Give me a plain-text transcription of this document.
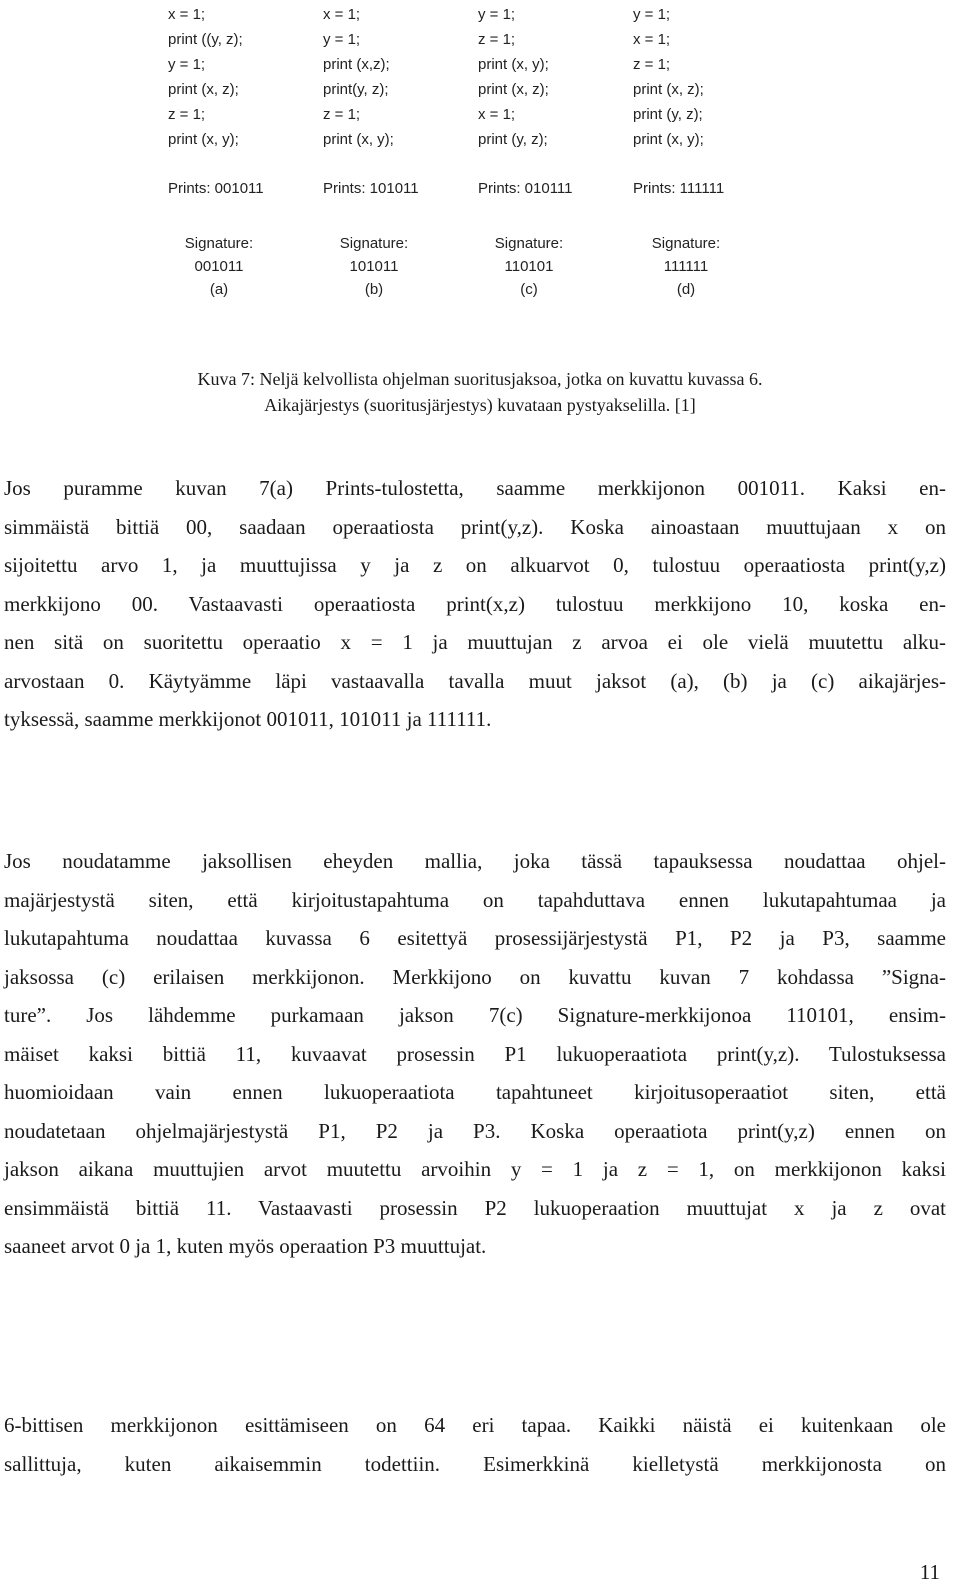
x = 1;
print ((y, z);
y = 1;
print (x, z);
z = 1;
print (x, y);
Prints: 001011
Signature:
001011
(a)
x = 1;
y = 1;
print (x,z);
print(y, z);
z = 1;
print (x, y);
Prints: 101011
Signature:
101011
(b)
y = 1;
z = 1;
print (x, y);
print (x, z);
x = 1;
print (y, z);
Prints: 010111
Signature:
110101
(c)
y = 1;
x = 1;
z = 1;
print (x, z);
print (y, z);
print (x, y);
Prints: 111111
Signature:
111111
(d)
Kuva 7: Neljä kelvollista ohjelman suoritusjaksoa, jotka on kuvattu kuvassa 6.
Aikajärjestys (suoritusjärjestys) kuvataan pystyakselilla. [1]
Jos puramme kuvan 7(a) Prints-tulostetta, saamme merkkijonon 001011. Kaksi en-
simmäistä bittiä 00, saadaan operaatiosta print(y,z). Koska ainoastaan muuttujaan x on
sijoitettu arvo 1, ja muuttujissa y ja z on alkuarvot 0, tulostuu operaatiosta print(y,z)
merkkijono 00. Vastaavasti operaatiosta print(x,z) tulostuu merkkijono 10, koska en-
nen sitä on suoritettu operaatio x = 1 ja muuttujan z arvoa ei ole vielä muutettu alku-
arvostaan 0. Käytyämme läpi vastaavalla tavalla muut jaksot (a), (b) ja (c) aikajärjes-
tyksessä, saamme merkkijonot 001011, 101011 ja 111111.
Jos noudatamme jaksollisen eheyden mallia, joka tässä tapauksessa noudattaa ohjel-
majärjestystä siten, että kirjoitustapahtuma on tapahduttava ennen lukutapahtumaa ja
lukutapahtuma noudattaa kuvassa 6 esitettyä prosessijärjestystä P1, P2 ja P3, saamme
jaksossa (c) erilaisen merkkijonon. Merkkijono on kuvattu kuvan 7 kohdassa ”Signa-
ture”. Jos lähdemme purkamaan jakson 7(c) Signature-merkkijonoa 110101, ensim-
mäiset kaksi bittiä 11, kuvaavat prosessin P1 lukuoperaatiota print(y,z). Tulostuksessa
huomioidaan vain ennen lukuoperaatiota tapahtuneet kirjoitusoperaatiot siten, että
noudatetaan ohjelmajärjestystä P1, P2 ja P3. Koska operaatiota print(y,z) ennen on
jakson aikana muuttujien arvot muutettu arvoihin y = 1 ja z = 1, on merkkijonon kaksi
ensimmäistä bittiä 11. Vastaavasti prosessin P2 lukuoperaation muuttujat x ja z ovat
saaneet arvot 0 ja 1, kuten myös operaation P3 muuttujat.
6-bittisen merkkijonon esittämiseen on 64 eri tapaa. Kaikki näistä ei kuitenkaan ole
sallittuja, kuten aikaisemmin todettiin. Esimerkkinä kielletystä merkkijonosta on
11
